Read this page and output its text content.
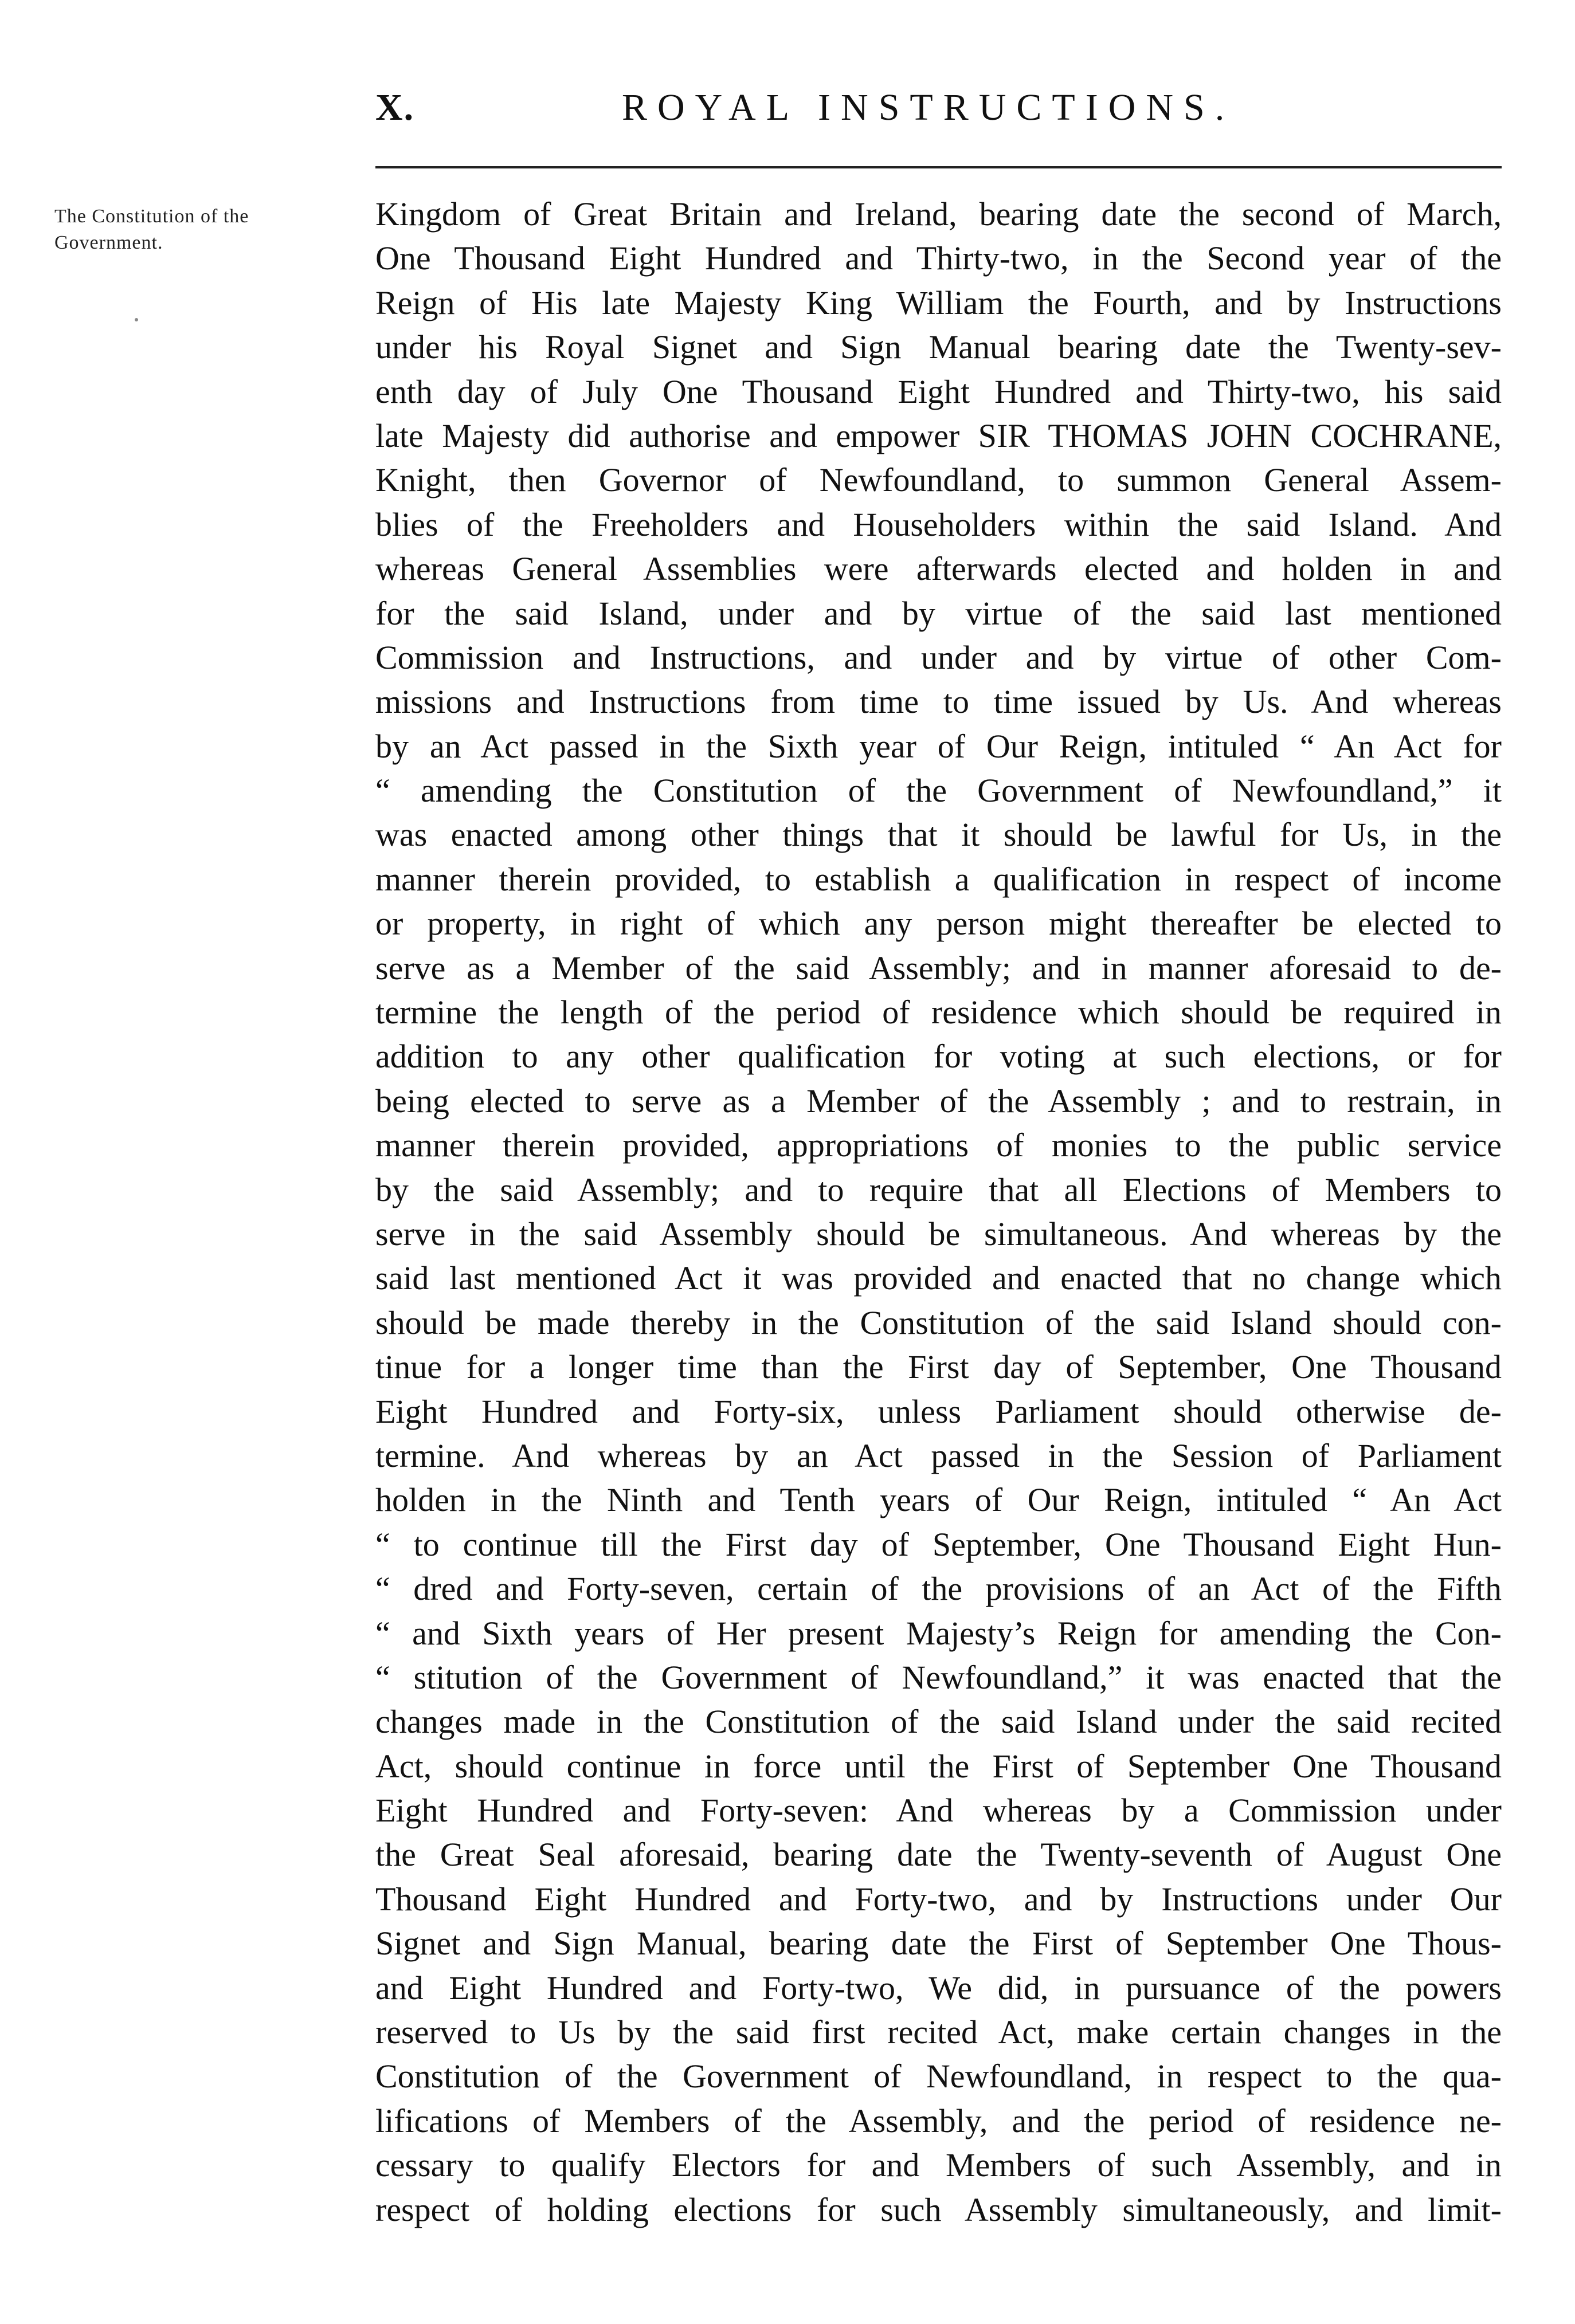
X.	ROYAL INSTRUCTIONS.
The Constitution of the
Government.
Kingdom of Great Britain and Ireland, bearing date the second of March,
One Thousand Eight Hundred and Thirty-two, in the Second year of the
Reign of His late Majesty King William the Fourth, and by Instructions
under his Royal Signet and Sign Manual bearing date the Twenty-sev-
enth day of July One Thousand Eight Hundred and Thirty-two, his said
late Majesty did authorise and empower SIR THOMAS JOHN COCHRANE,
Knight, then Governor of Newfoundland, to summon General Assem-
blies of the Freeholders and Householders within the said Island. And
whereas General Assemblies were afterwards elected and holden in and
for the said Island, under and by virtue of the said last mentioned
Commission and Instructions, and under and by virtue of other Com-
missions and Instructions from time to time issued by Us. And whereas
by an Act passed in the Sixth year of Our Reign, intituled “ An Act for
“ amending the Constitution of the Government of Newfoundland,” it
was enacted among other things that it should be lawful for Us, in the
manner therein provided, to establish a qualification in respect of income
or property, in right of which any person might thereafter be elected to
serve as a Member of the said Assembly; and in manner aforesaid to de-
termine the length of the period of residence which should be required in
addition to any other qualification for voting at such elections, or for
being elected to serve as a Member of the Assembly ; and to restrain, in
manner therein provided, appropriations of monies to the public service
by the said Assembly; and to require that all Elections of Members to
serve in the said Assembly should be simultaneous. And whereas by the
said last mentioned Act it was provided and enacted that no change which
should be made thereby in the Constitution of the said Island should con-
tinue for a longer time than the First day of September, One Thousand
Eight Hundred and Forty-six, unless Parliament should otherwise de-
termine. And whereas by an Act passed in the Session of Parliament
holden in the Ninth and Tenth years of Our Reign, intituled “ An Act
“ to continue till the First day of September, One Thousand Eight Hun-
“ dred and Forty-seven, certain of the provisions of an Act of the Fifth
“ and Sixth years of Her present Majesty’s Reign for amending the Con-
“ stitution of the Government of Newfoundland,” it was enacted that the
changes made in the Constitution of the said Island under the said recited
Act, should continue in force until the First of September One Thousand
Eight Hundred and Forty-seven: And whereas by a Commission under
the Great Seal aforesaid, bearing date the Twenty-seventh of August One
Thousand Eight Hundred and Forty-two, and by Instructions under Our
Signet and Sign Manual, bearing date the First of September One Thous-
and Eight Hundred and Forty-two, We did, in pursuance of the powers
reserved to Us by the said first recited Act, make certain changes in the
Constitution of the Government of Newfoundland, in respect to the qua-
lifications of Members of the Assembly, and the period of residence ne-
cessary to qualify Electors for and Members of such Assembly, and in
respect of holding elections for such Assembly simultaneously, and limit-
